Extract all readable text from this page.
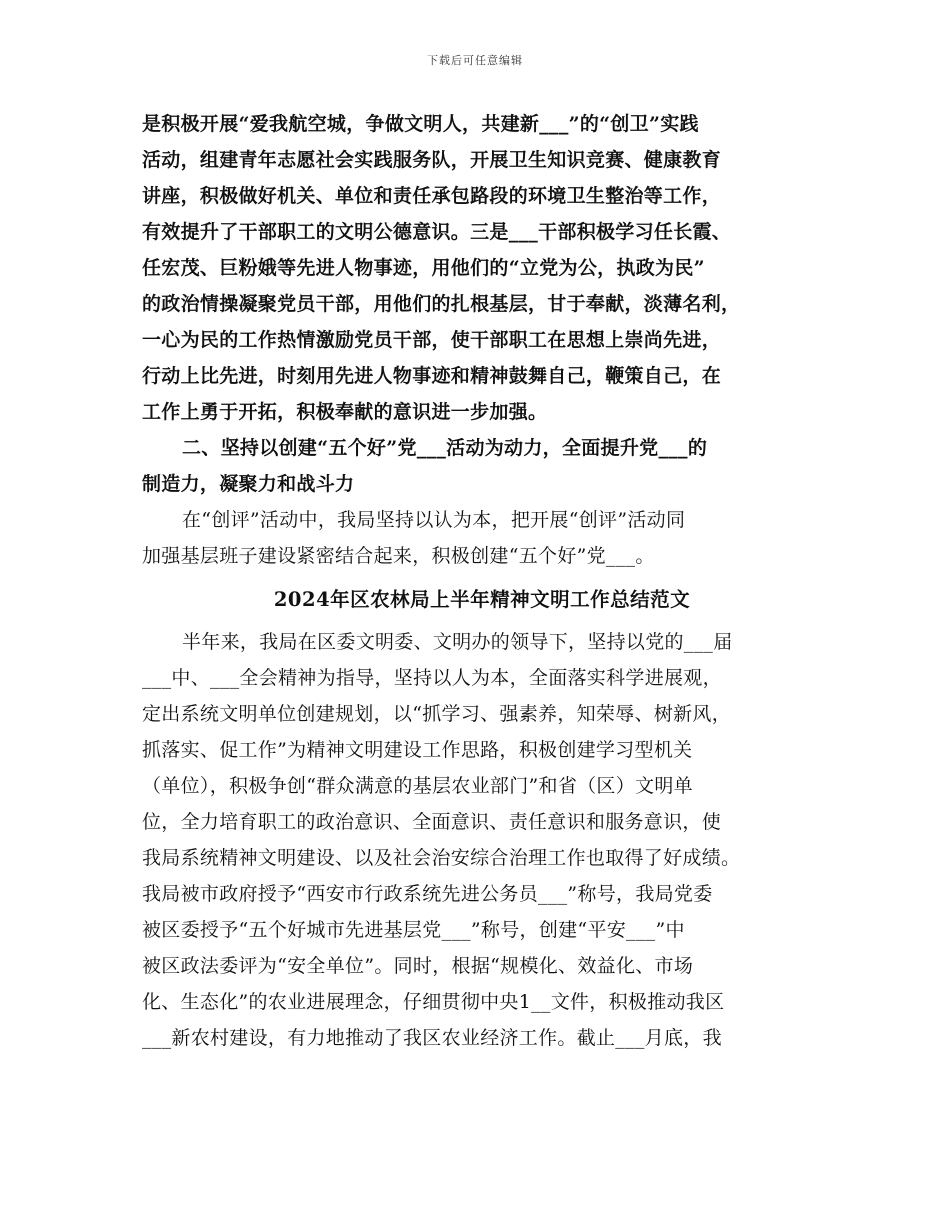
下载后可任意编辑
是积极开展“爱我航空城，争做文明人，共建新___”的“创卫”实践
活动，组建青年志愿社会实践服务队，开展卫生知识竞赛、健康教育
讲座，积极做好机关、单位和责任承包路段的环境卫生整治等工作，
有效提升了干部职工的文明公德意识。三是___干部积极学习任长霞、
任宏茂、巨粉娥等先进人物事迹，用他们的“立党为公，执政为民”
的政治情操凝聚党员干部，用他们的扎根基层，甘于奉献，淡薄名利，
一心为民的工作热情激励党员干部，使干部职工在思想上崇尚先进，
行动上比先进，时刻用先进人物事迹和精神鼓舞自己，鞭策自己，在
工作上勇于开拓，积极奉献的意识进一步加强。
二、坚持以创建“五个好”党___活动为动力，全面提升党___的
制造力，凝聚力和战斗力
在“创评”活动中，我局坚持以认为本，把开展“创评”活动同
加强基层班子建设紧密结合起来，积极创建“五个好”党___。
2024年区农林局上半年精神文明工作总结范文
半年来，我局在区委文明委、文明办的领导下，坚持以党的___届
___中、___全会精神为指导，坚持以人为本，全面落实科学进展观，
定出系统文明单位创建规划，以“抓学习、强素养，知荣辱、树新风，
抓落实、促工作”为精神文明建设工作思路，积极创建学习型机关
（单位），积极争创“群众满意的基层农业部门”和省（区）文明单
位，全力培育职工的政治意识、全面意识、责任意识和服务意识，使
我局系统精神文明建设、以及社会治安综合治理工作也取得了好成绩。
我局被市政府授予“西安市行政系统先进公务员___”称号，我局党委
被区委授予“五个好城市先进基层党___”称号，创建“平安___”中
被区政法委评为“安全单位”。同时，根据“规模化、效益化、市场
化、生态化”的农业进展理念，仔细贯彻中央1__文件，积极推动我区
___新农村建设，有力地推动了我区农业经济工作。截止___月底，我
